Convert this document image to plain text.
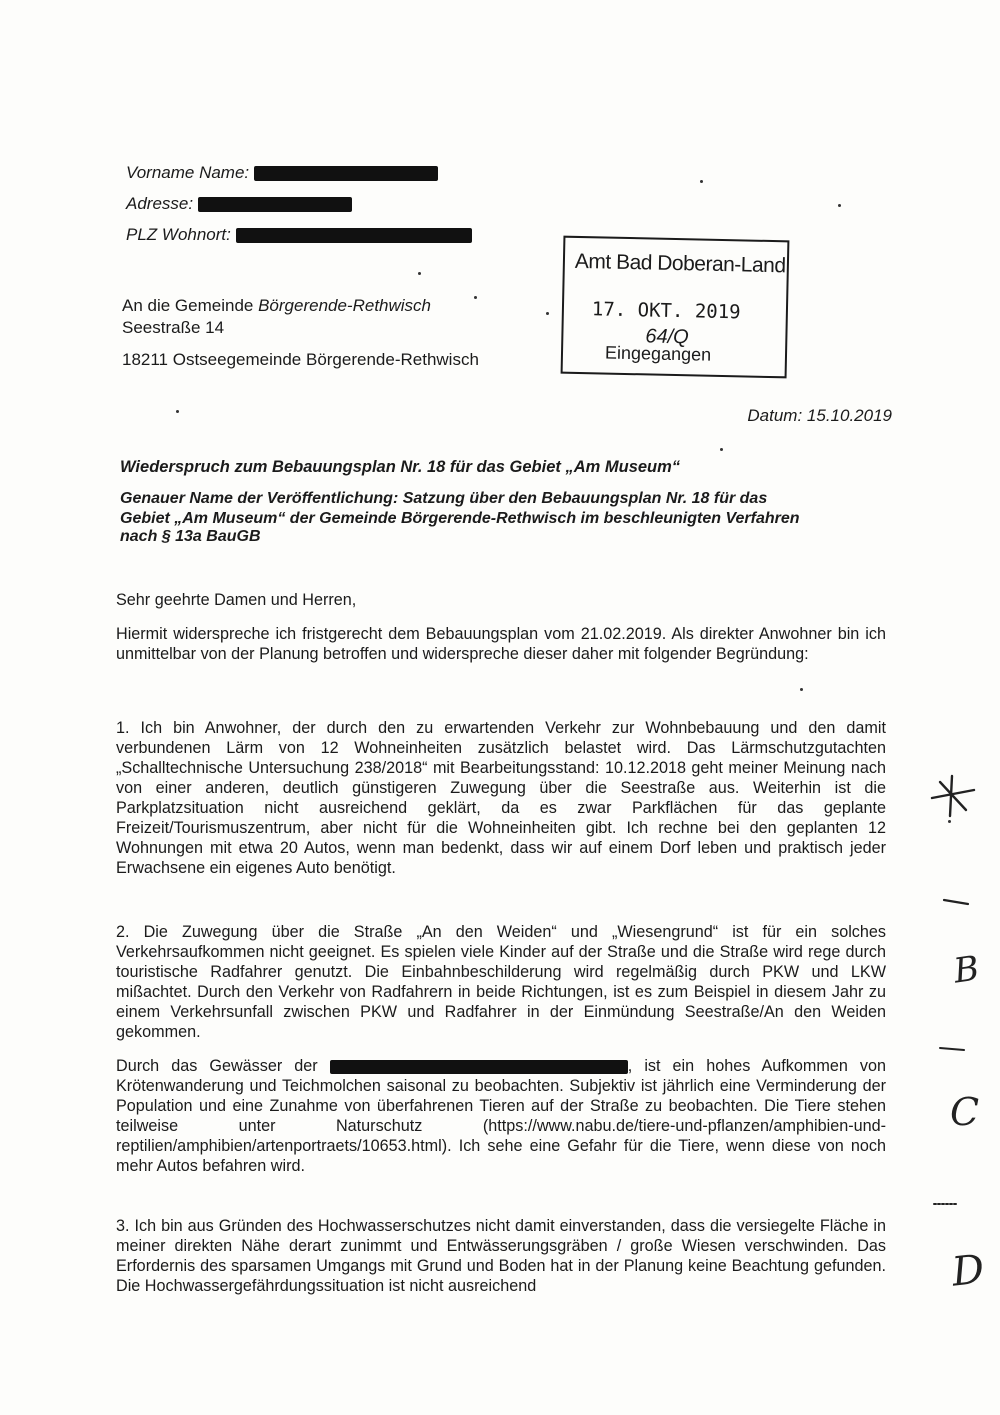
Vorname Name:
Adresse:
PLZ Wohnort:
An die Gemeinde Börgerende-Rethwisch
Seestraße 14
18211 Ostseegemeinde Börgerende-Rethwisch
Amt Bad Doberan-Land
17. OKT. 2019
64/Q
Eingegangen
Datum: 15.10.2019
Wiederspruch zum Bebauungsplan Nr. 18 für das Gebiet „Am Museum“
Genauer Name der Veröffentlichung: Satzung über den Bebauungsplan Nr. 18 für das
Gebiet „Am Museum“ der Gemeinde Börgerende-Rethwisch im beschleunigten Verfahren
nach § 13a BauGB
Sehr geehrte Damen und Herren,
Hiermit widerspreche ich fristgerecht dem Bebauungsplan vom 21.02.2019. Als direkter Anwohner bin ich unmittelbar von der Planung betroffen und widerspreche dieser daher mit folgender Begründung:
1. Ich bin Anwohner, der durch den zu erwartenden Verkehr zur Wohnbebauung und den damit verbundenen Lärm von 12 Wohneinheiten zusätzlich belastet wird. Das Lärmschutzgutachten „Schalltechnische Untersuchung 238/2018“ mit Bearbeitungsstand: 10.12.2018 geht meiner Meinung nach von einer anderen, deutlich günstigeren Zuwegung über die Seestraße aus. Weiterhin ist die Parkplatzsituation nicht ausreichend geklärt, da es zwar Parkflächen für das geplante Freizeit/Tourismuszentrum, aber nicht für die Wohneinheiten gibt. Ich rechne bei den geplanten 12 Wohnungen mit etwa 20 Autos, wenn man bedenkt, dass wir auf einem Dorf leben und praktisch jeder Erwachsene ein eigenes Auto benötigt.
2. Die Zuwegung über die Straße „An den Weiden“ und „Wiesengrund“ ist für ein solches Verkehrsaufkommen nicht geeignet. Es spielen viele Kinder auf der Straße und die Straße wird rege durch touristische Radfahrer genutzt. Die Einbahnbeschilderung wird regelmäßig durch PKW und LKW mißachtet. Durch den Verkehr von Radfahrern in beide Richtungen, ist es zum Beispiel in diesem Jahr zu einem Verkehrsunfall zwischen PKW und Radfahrer in der Einmündung Seestraße/An den Weiden gekommen.
Durch das Gewässer der	, ist ein hohes Aufkommen von Krötenwanderung und Teichmolchen saisonal zu beobachten. Subjektiv ist jährlich eine Verminderung der Population und eine Zunahme von überfahrenen Tieren auf der Straße zu beobachten. Die Tiere stehen teilweise unter Naturschutz (https://www.nabu.de/tiere-und-pflanzen/amphibien-und-reptilien/amphibien/artenportraets/10653.html). Ich sehe eine Gefahr für die Tiere, wenn diese von noch mehr Autos befahren wird.
3. Ich bin aus Gründen des Hochwasserschutzes nicht damit einverstanden, dass die versiegelte Fläche in meiner direkten Nähe derart zunimmt und Entwässerungsgräben / große Wiesen verschwinden. Das Erfordernis des sparsamen Umgangs mit Grund und Boden hat in der Planung keine Beachtung gefunden. Die Hochwassergefährdungssituation ist nicht ausreichend
B
C
D
